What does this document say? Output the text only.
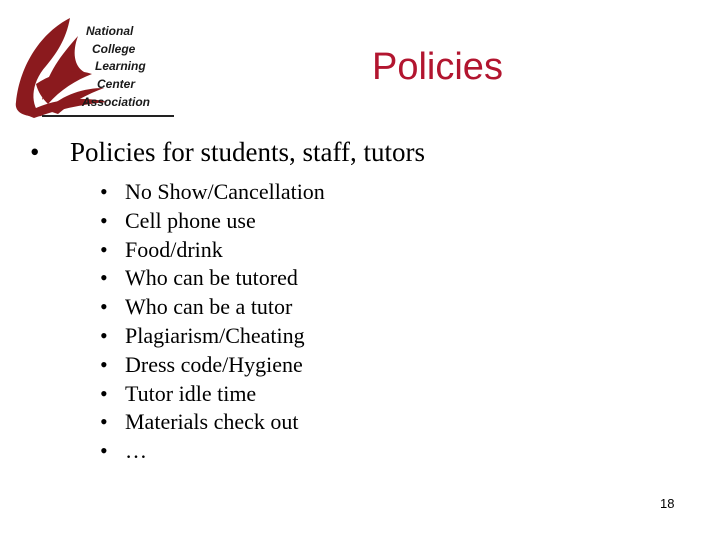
National
College
Learning
Center
Association
Policies
• Policies for students, staff, tutors
• No Show/Cancellation
• Cell phone use
• Food/drink
• Who can be tutored
• Who can be a tutor
• Plagiarism/Cheating
• Dress code/Hygiene
• Tutor idle time
• Materials check out
• …
18
